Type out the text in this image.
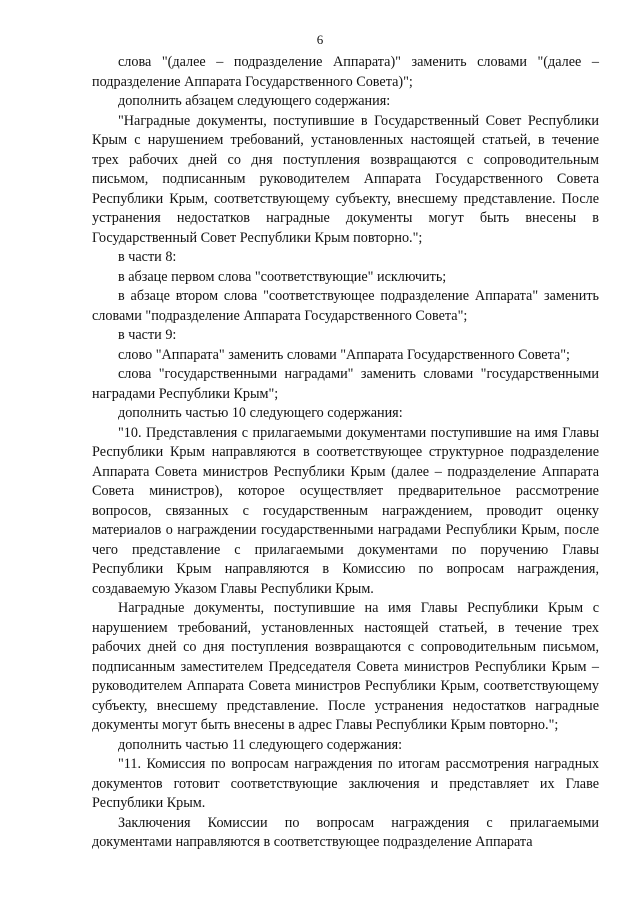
6

слова "(далее – подразделение Аппарата)" заменить словами "(далее – подразделение Аппарата Государственного Совета)";

дополнить абзацем следующего содержания:

"Наградные документы, поступившие в Государственный Совет Республики Крым с нарушением требований, установленных настоящей статьей, в течение трех рабочих дней со дня поступления возвращаются с сопроводительным письмом, подписанным руководителем Аппарата Государственного Совета Республики Крым, соответствующему субъекту, внесшему представление. После устранения недостатков наградные документы могут быть внесены в Государственный Совет Республики Крым повторно.";

в части 8:

в абзаце первом слова "соответствующие" исключить;

в абзаце втором слова "соответствующее подразделение Аппарата" заменить словами "подразделение Аппарата Государственного Совета";

в части 9:

слово "Аппарата" заменить словами "Аппарата Государственного Совета";

слова "государственными наградами" заменить словами "государственными наградами Республики Крым";

дополнить частью 10 следующего содержания:

"10. Представления с прилагаемыми документами поступившие на имя Главы Республики Крым направляются в соответствующее структурное подразделение Аппарата Совета министров Республики Крым (далее – подразделение Аппарата Совета министров), которое осуществляет предварительное рассмотрение вопросов, связанных с государственным награждением, проводит оценку материалов о награждении государственными наградами Республики Крым, после чего представление с прилагаемыми документами по поручению Главы Республики Крым направляются в Комиссию по вопросам награждения, создаваемую Указом Главы Республики Крым.

Наградные документы, поступившие на имя Главы Республики Крым с нарушением требований, установленных настоящей статьей, в течение трех рабочих дней со дня поступления возвращаются с сопроводительным письмом, подписанным заместителем Председателя Совета министров Республики Крым – руководителем Аппарата Совета министров Республики Крым, соответствующему субъекту, внесшему представление. После устранения недостатков наградные документы могут быть внесены в адрес Главы Республики Крым повторно.";

дополнить частью 11 следующего содержания:

"11. Комиссия по вопросам награждения по итогам рассмотрения наградных документов готовит соответствующие заключения и представляет их Главе Республики Крым.

Заключения Комиссии по вопросам награждения с прилагаемыми документами направляются в соответствующее подразделение Аппарата
